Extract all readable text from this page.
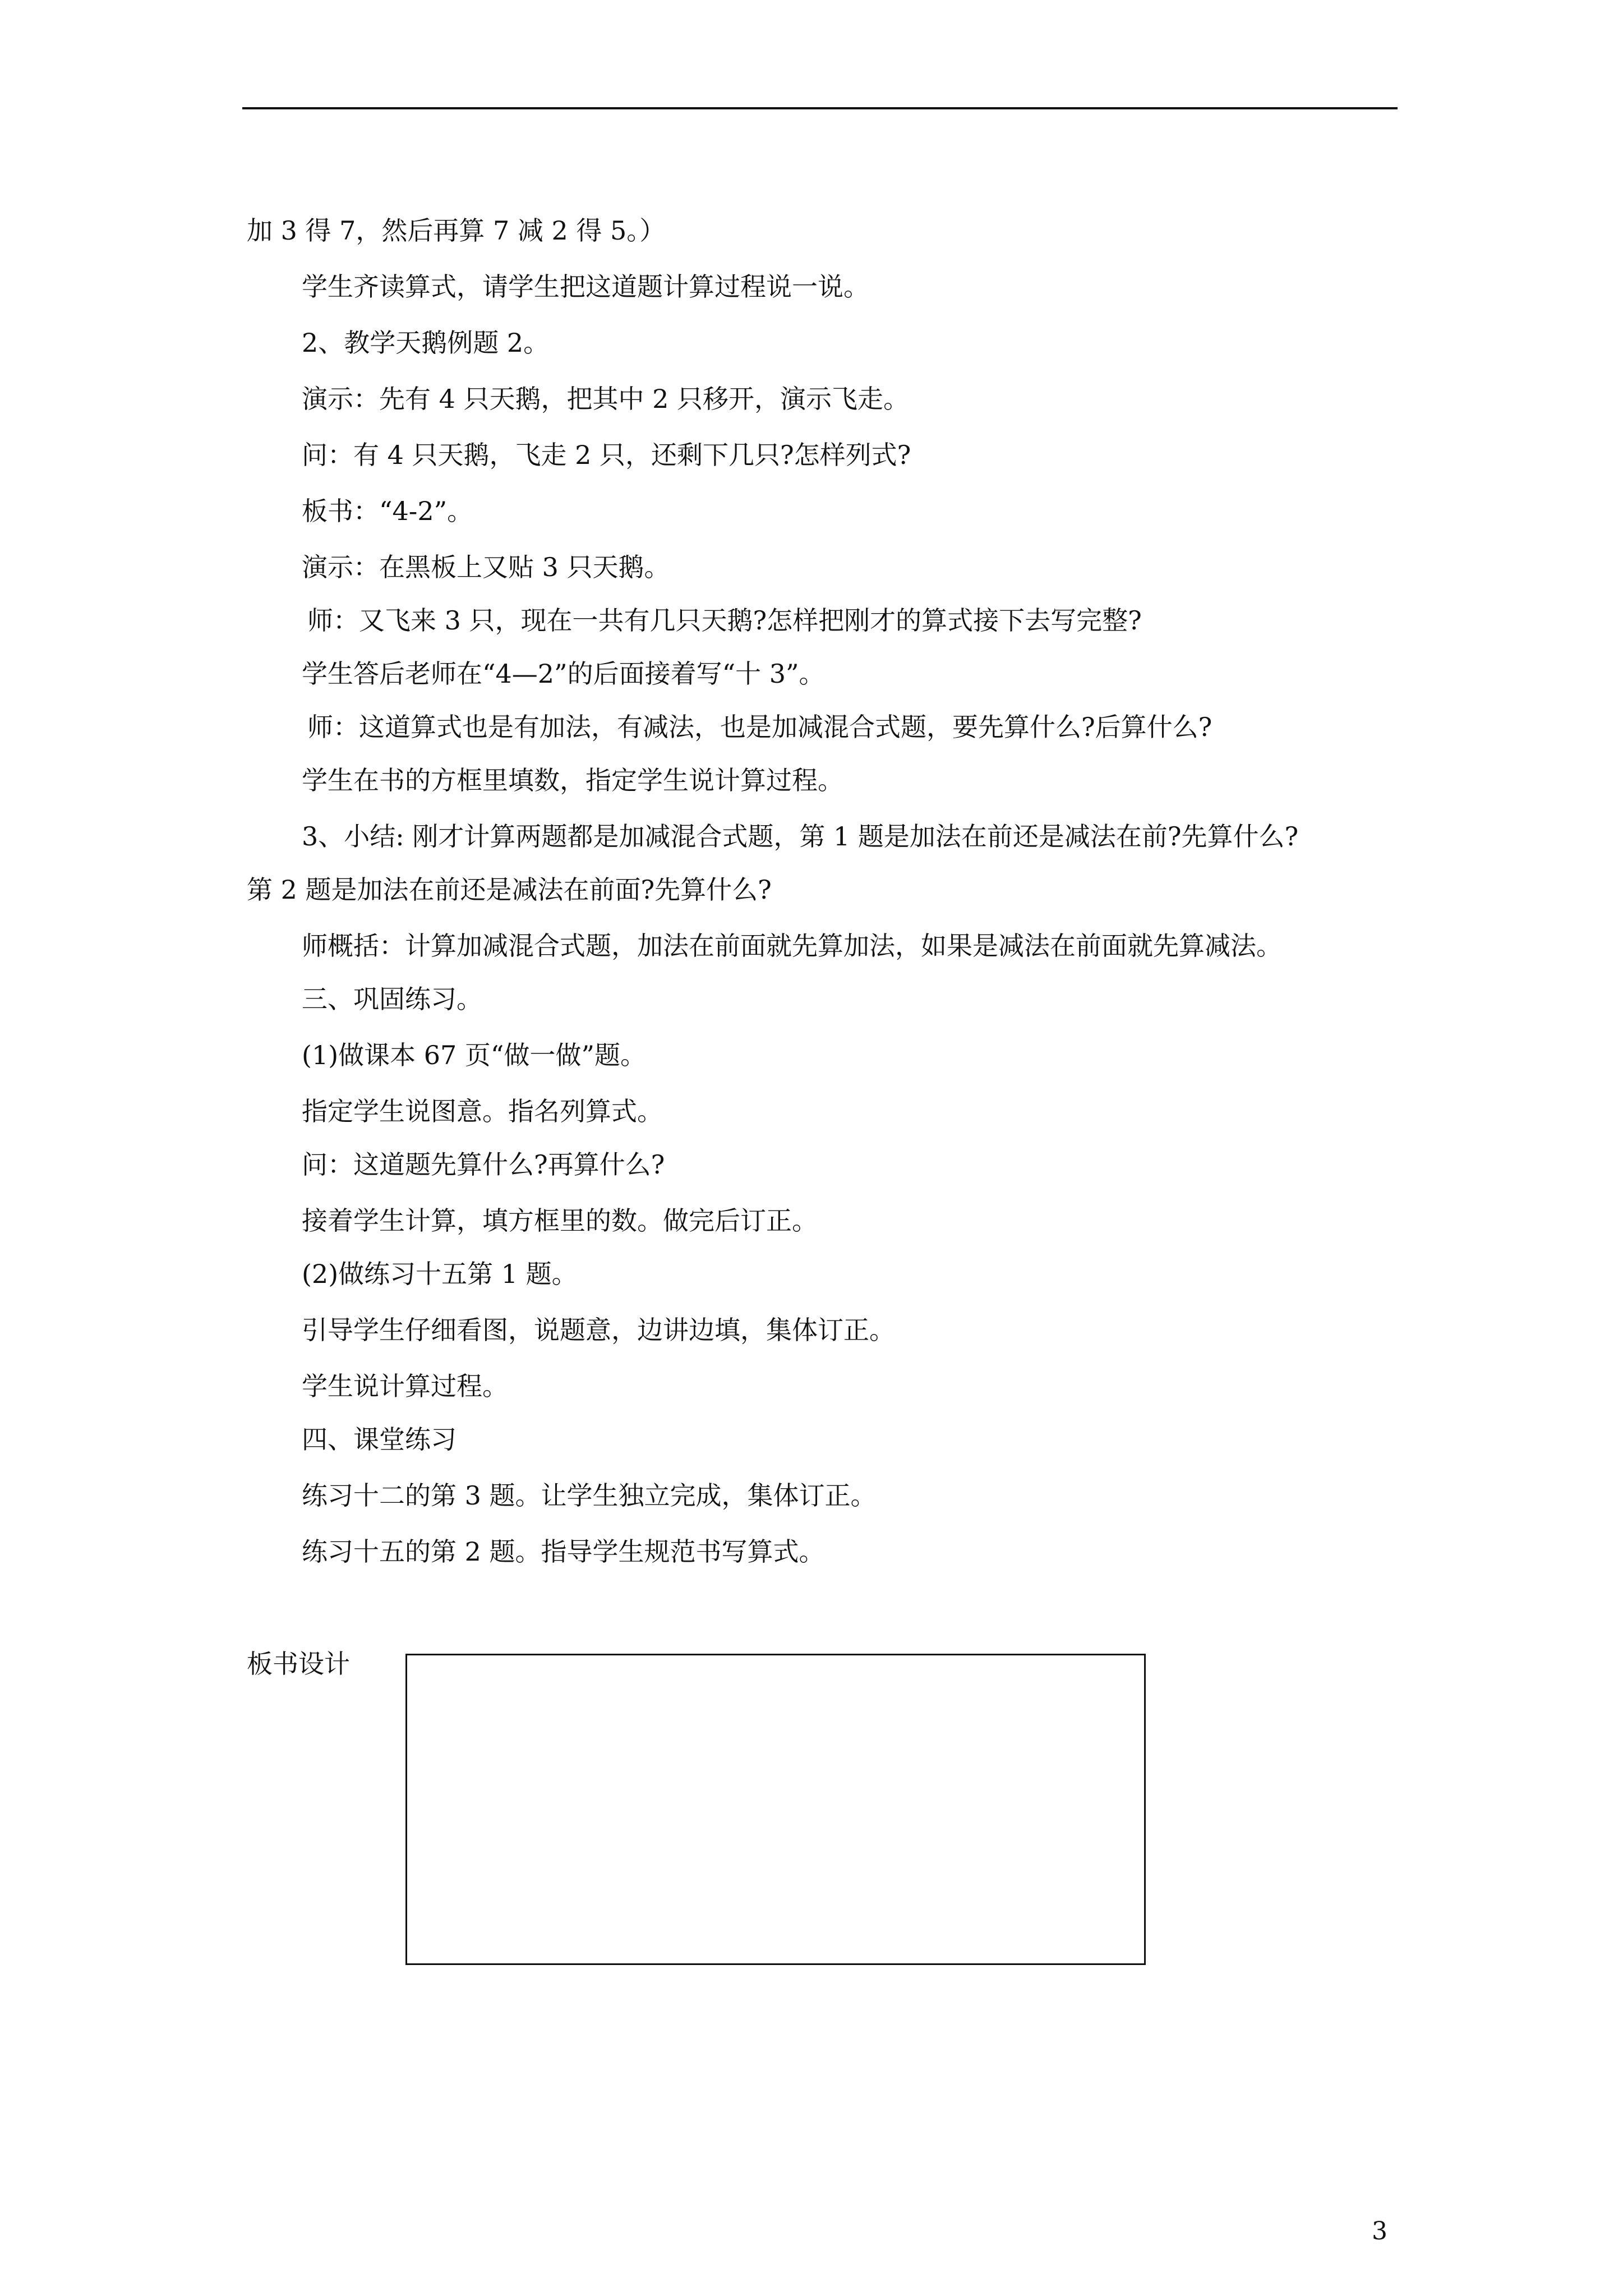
加 3 得 7，然后再算 7 减 2 得 5。）

学生齐读算式，请学生把这道题计算过程说一说。

2、教学天鹅例题 2。

演示：先有 4 只天鹅，把其中 2 只移开，演示飞走。

问：有 4 只天鹅，飞走 2 只，还剩下几只?怎样列式?

板书：“4-2”。

演示：在黑板上又贴 3 只天鹅。

师：又飞来 3 只，现在一共有几只天鹅?怎样把刚才的算式接下去写完整?

学生答后老师在“4—2”的后面接着写“十 3”。

师：这道算式也是有加法，有减法，也是加减混合式题，要先算什么?后算什么?

学生在书的方框里填数，指定学生说计算过程。

3、小结: 刚才计算两题都是加减混合式题，第 1 题是加法在前还是减法在前?先算什么?

第 2 题是加法在前还是减法在前面?先算什么?

师概括：计算加减混合式题，加法在前面就先算加法，如果是减法在前面就先算减法。

三、巩固练习。

(1)做课本 67 页“做一做”题。

指定学生说图意。指名列算式。

问：这道题先算什么?再算什么?

接着学生计算，填方框里的数。做完后订正。

(2)做练习十五第 1 题。

引导学生仔细看图，说题意，边讲边填，集体订正。

学生说计算过程。

四、课堂练习

练习十二的第 3 题。让学生独立完成，集体订正。

练习十五的第 2 题。指导学生规范书写算式。

板书设计

3
